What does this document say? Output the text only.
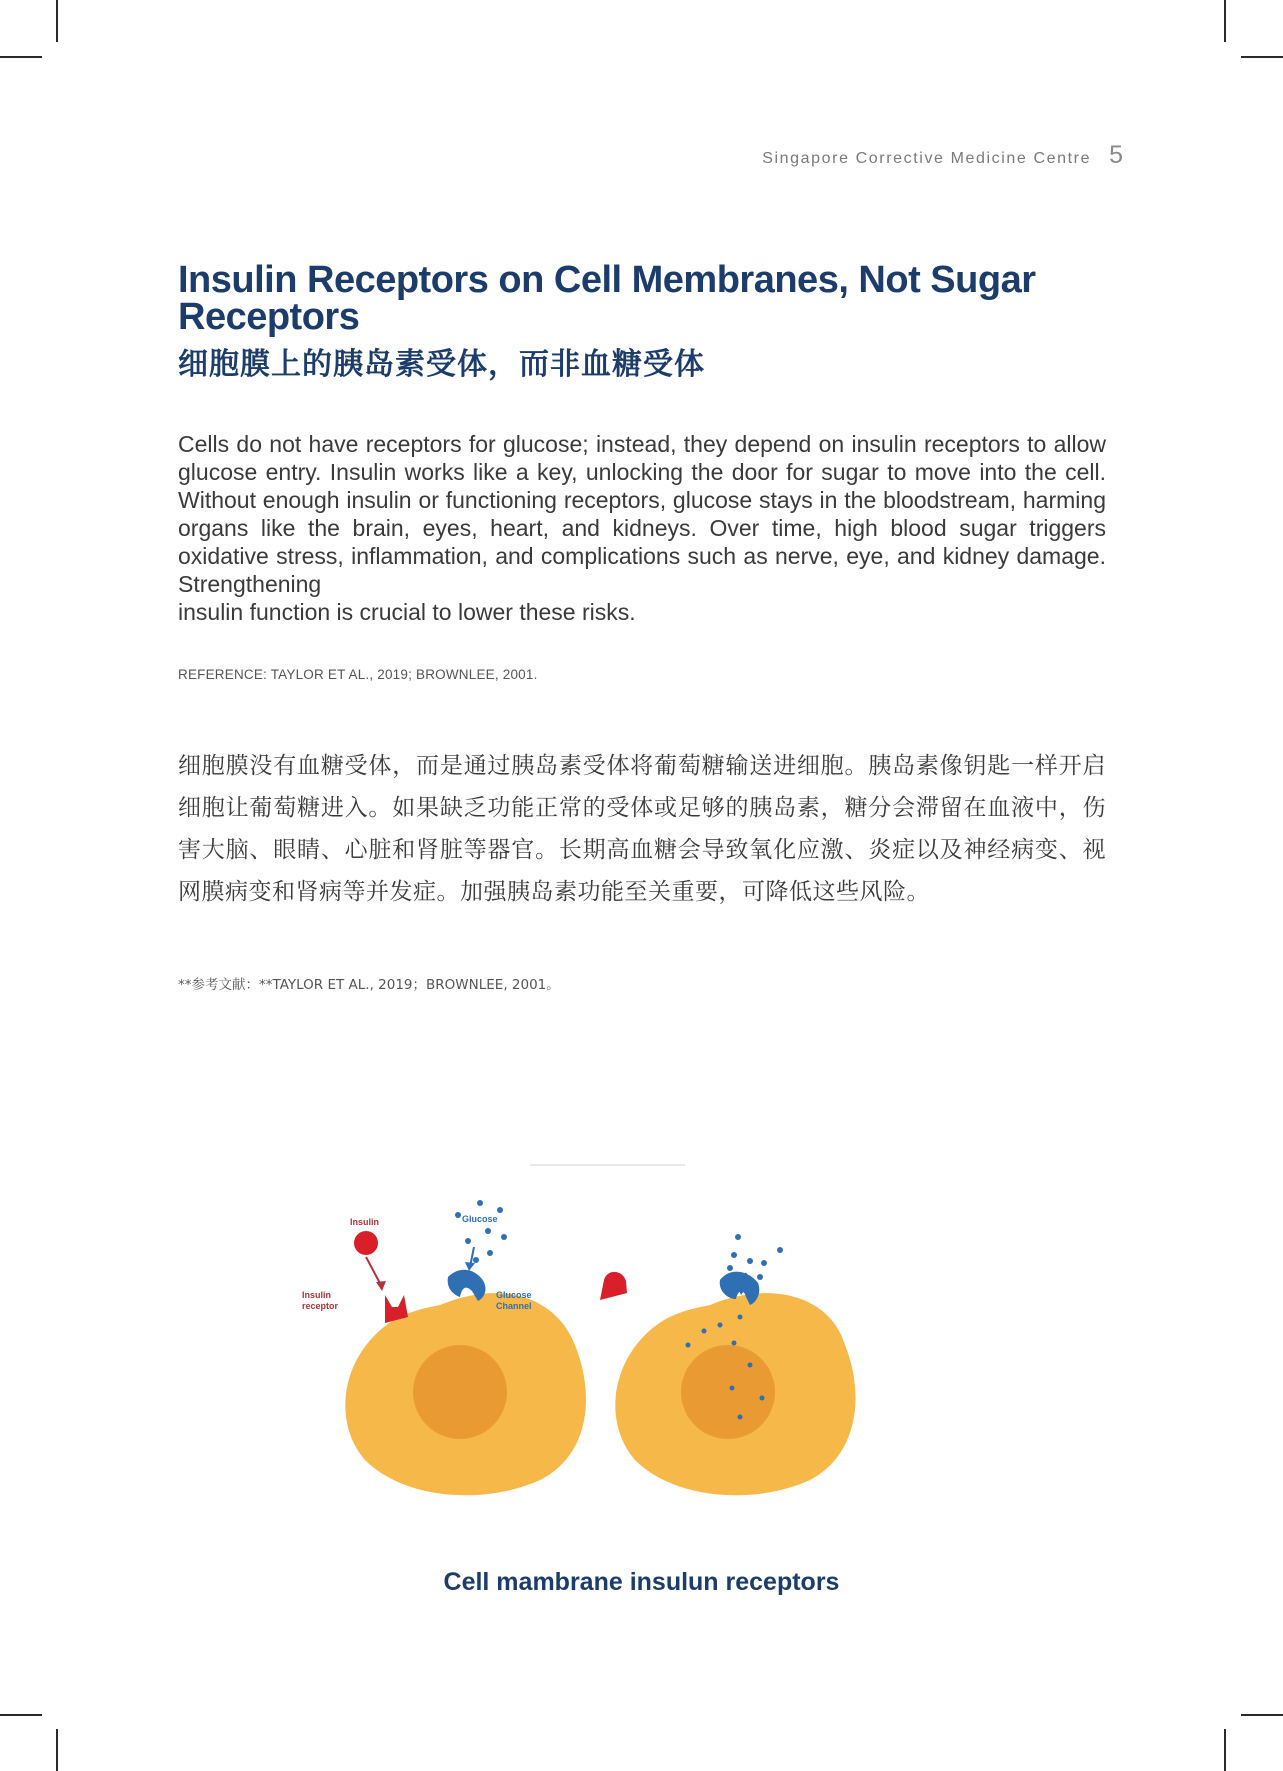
Singapore Corrective Medicine Centre 5
Insulin Receptors on Cell Membranes, Not Sugar Receptors
细胞膜上的胰岛素受体，而非血糖受体

Cells do not have receptors for glucose; instead, they depend on insulin receptors to allow glucose entry. Insulin works like a key, unlocking the door for sugar to move into the cell. Without enough insulin or functioning receptors, glucose stays in the bloodstream, harming organs like the brain, eyes, heart, and kidneys. Over time, high blood sugar triggers oxidative stress, inflammation, and complications such as nerve, eye, and kidney damage. Strengthening
insulin function is crucial to lower these risks.

REFERENCE: TAYLOR ET AL., 2019; BROWNLEE, 2001.

细胞膜没有血糖受体，而是通过胰岛素受体将葡萄糖输送进细胞。胰岛素像钥匙一样开启细胞让葡萄糖进入。如果缺乏功能正常的受体或足够的胰岛素，糖分会滞留在血液中，伤害大脑、眼睛、心脏和肾脏等器官。长期高血糖会导致氧化应激、炎症以及神经病变、视网膜病变和肾病等并发症。加强胰岛素功能至关重要，可降低这些风险。

**参考文献：**TAYLOR ET AL., 2019；BROWNLEE, 2001。
Insulin
Insulin
receptor
Glucose
Glucose
Channel
Cell mambrane insulun receptors
